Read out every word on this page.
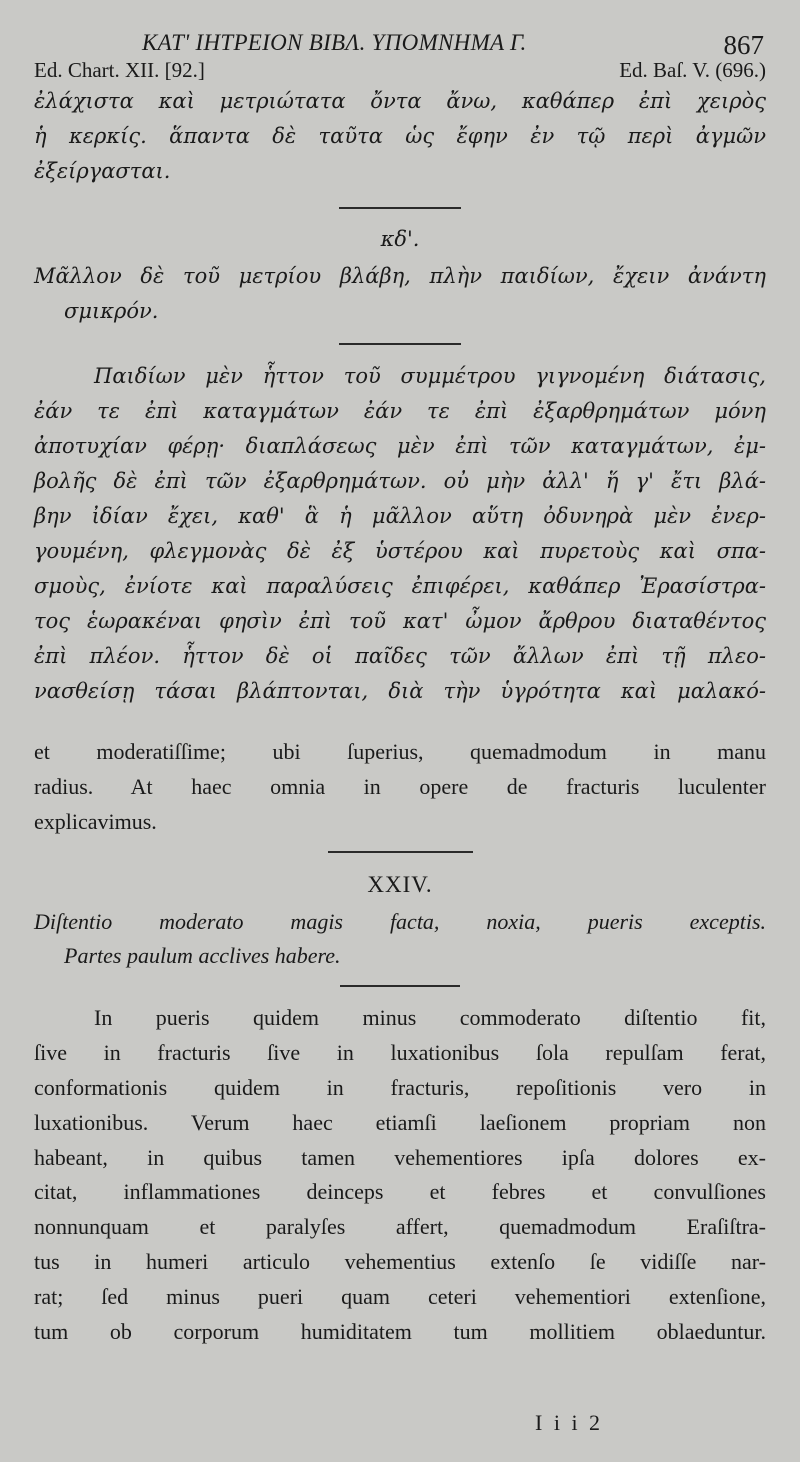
ΚΑΤ' ΙΗΤΡΕΙΟΝ ΒΙΒΛ. ΥΠΟΜΝΗΜΑ Γ.	867
Ed. Chart. XII. [92.]	Ed. Baſ. V. (696.)
ἐλάχιστα καὶ μετριώτατα ὄντα ἄνω, καθάπερ ἐπὶ χειρὸς
ἡ κερκίς. ἅπαντα δὲ ταῦτα ὡς ἔφην ἐν τῷ περὶ ἀγμῶν
ἐξείργασται.
κδ'.
Μᾶλλον δὲ τοῦ μετρίου βλάβη, πλὴν παιδίων, ἔχειν ἀνάντη
σμικρόν.
Παιδίων μὲν ἧττον τοῦ συμμέτρου γιγνομένη διάτασις,
ἐάν τε ἐπὶ καταγμάτων ἐάν τε ἐπὶ ἐξαρθρημάτων μόνη
ἀποτυχίαν φέρῃ· διαπλάσεως μὲν ἐπὶ τῶν καταγμάτων, ἐμ-
βολῆς δὲ ἐπὶ τῶν ἐξαρθρημάτων. οὐ μὴν ἀλλ' ἥ γ' ἔτι βλά-
βην ἰδίαν ἔχει, καθ' ἃ ἡ μᾶλλον αὕτη ὀδυνηρὰ μὲν ἐνερ-
γουμένη, φλεγμονὰς δὲ ἐξ ὑστέρου καὶ πυρετοὺς καὶ σπα-
σμοὺς, ἐνίοτε καὶ παραλύσεις ἐπιφέρει, καθάπερ Ἐρασίστρα-
τος ἑωρακέναι φησὶν ἐπὶ τοῦ κατ' ὦμον ἄρθρου διαταθέντος
ἐπὶ πλέον. ἧττον δὲ οἱ παῖδες τῶν ἄλλων ἐπὶ τῇ πλεο-
νασθείσῃ τάσαι βλάπτονται, διὰ τὴν ὑγρότητα καὶ μαλακό-
et moderatiſſime; ubi ſuperius, quemadmodum in manu
radius. At haec omnia in opere de fracturis luculenter
explicavimus.
XXIV.
Diſtentio moderato magis facta, noxia, pueris exceptis.
Partes paulum acclives habere.
In pueris quidem minus commoderato diſtentio fit,
ſive in fracturis ſive in luxationibus ſola repulſam ferat,
conformationis quidem in fracturis, repoſitionis vero in
luxationibus. Verum haec etiamſi laeſionem propriam non
habeant, in quibus tamen vehementiores ipſa dolores ex-
citat, inflammationes deinceps et febres et convulſiones
nonnunquam et paralyſes affert, quemadmodum Eraſiſtra-
tus in humeri articulo vehementius extenſo ſe vidiſſe nar-
rat; ſed minus pueri quam ceteri vehementiori extenſione,
tum ob corporum humiditatem tum mollitiem oblaeduntur.
I i i 2
